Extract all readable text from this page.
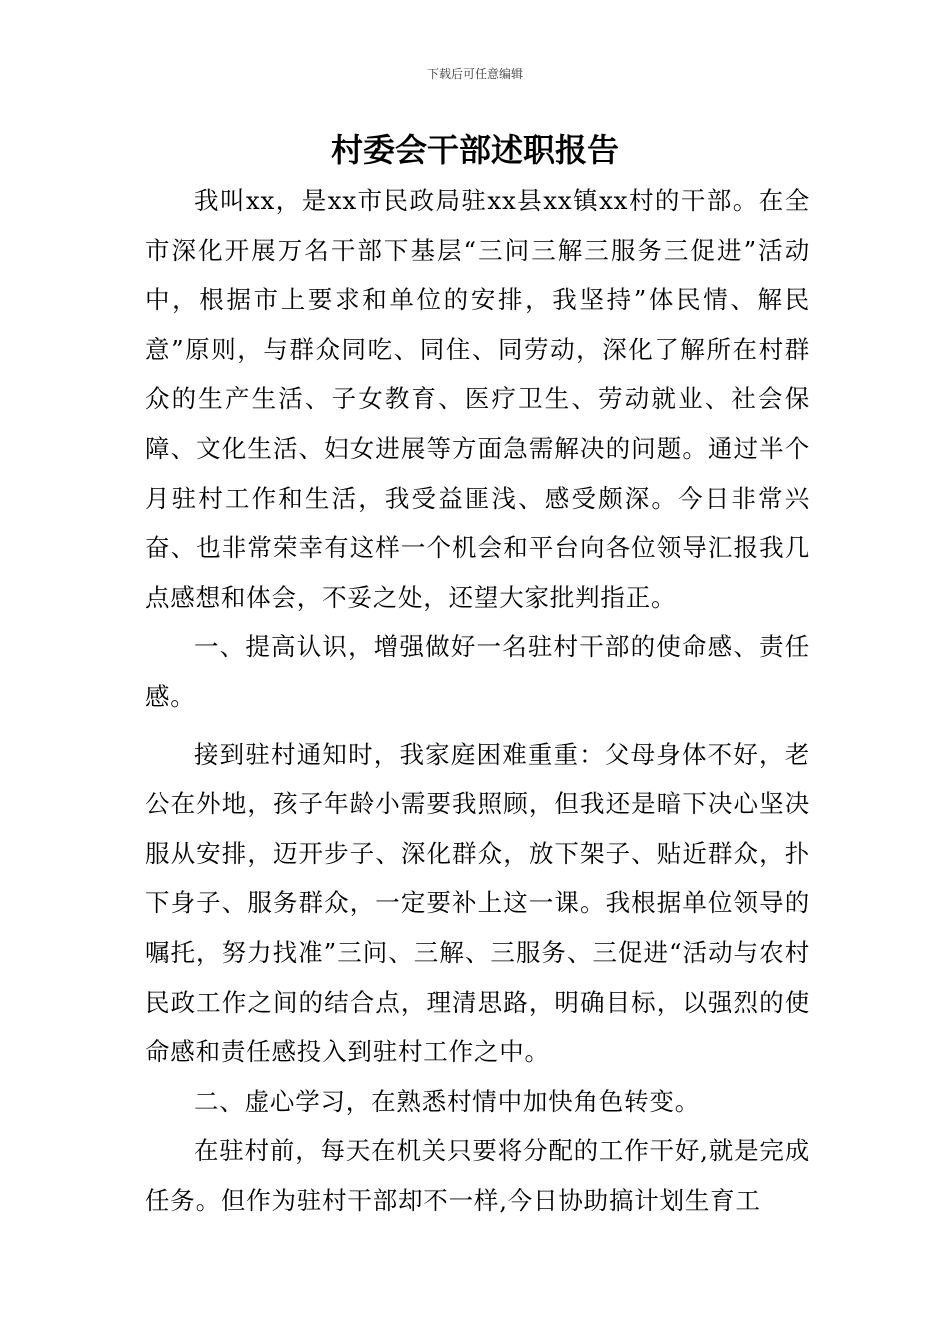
下载后可任意编辑
村委会干部述职报告

我叫xx，是xx市民政局驻xx县xx镇xx村的干部。在全市深化开展万名干部下基层“三问三解三服务三促进”活动中，根据市上要求和单位的安排，我坚持”体民情、解民意”原则，与群众同吃、同住、同劳动，深化了解所在村群众的生产生活、子女教育、医疗卫生、劳动就业、社会保障、文化生活、妇女进展等方面急需解决的问题。通过半个月驻村工作和生活，我受益匪浅、感受颇深。今日非常兴奋、也非常荣幸有这样一个机会和平台向各位领导汇报我几点感想和体会，不妥之处，还望大家批判指正。

一、提高认识，增强做好一名驻村干部的使命感、责任感。

接到驻村通知时，我家庭困难重重：父母身体不好，老公在外地，孩子年龄小需要我照顾，但我还是暗下决心坚决服从安排，迈开步子、深化群众，放下架子、贴近群众，扑下身子、服务群众，一定要补上这一课。我根据单位领导的嘱托，努力找准”三问、三解、三服务、三促进“活动与农村民政工作之间的结合点，理清思路，明确目标，以强烈的使命感和责任感投入到驻村工作之中。

二、虚心学习，在熟悉村情中加快角色转变。

在驻村前，每天在机关只要将分配的工作干好,就是完成任务。但作为驻村干部却不一样,今日协助搞计划生育工
